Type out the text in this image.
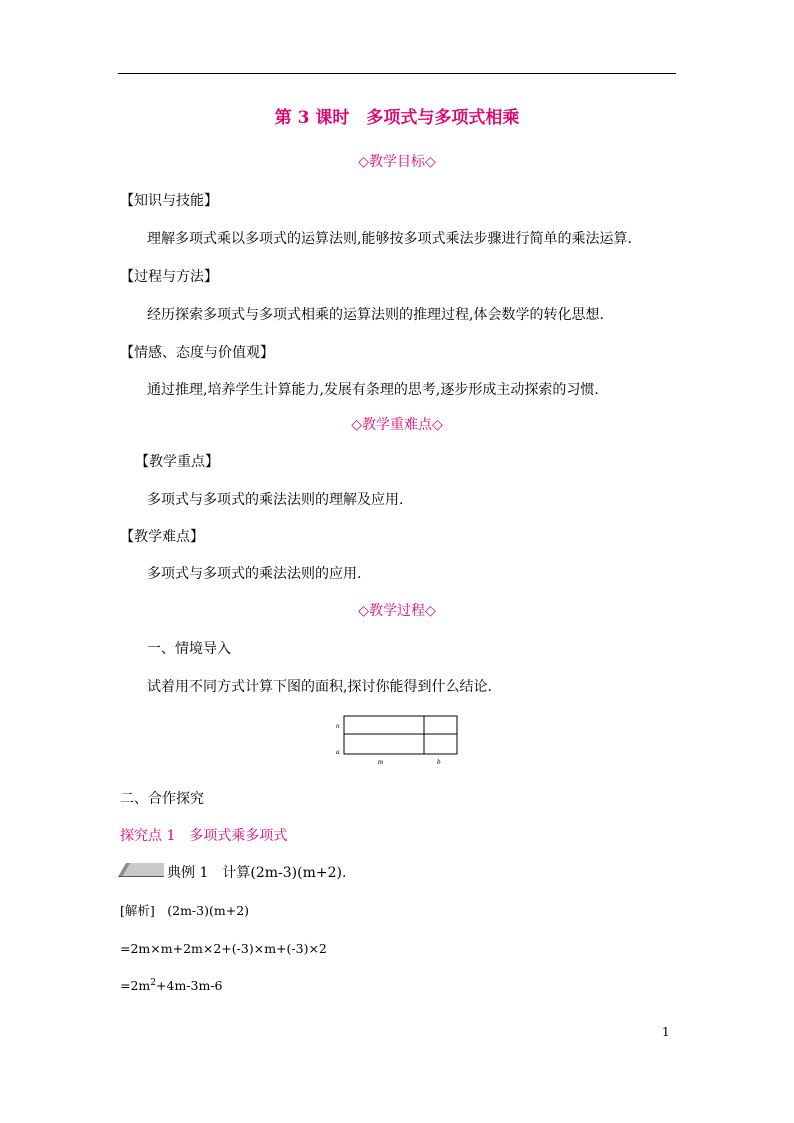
第 3 课时　多项式与多项式相乘
◇教学目标◇
【知识与技能】
理解多项式乘以多项式的运算法则,能够按多项式乘法步骤进行简单的乘法运算.
【过程与方法】
经历探索多项式与多项式相乘的运算法则的推理过程,体会数学的转化思想.
【情感、态度与价值观】
通过推理,培养学生计算能力,发展有条理的思考,逐步形成主动探索的习惯.
◇教学重难点◇
【教学重点】
多项式与多项式的乘法法则的理解及应用.
【教学难点】
多项式与多项式的乘法法则的应用.
◇教学过程◇
一、情境导入
试着用不同方式计算下图的面积,探讨你能得到什么结论.
n
a
m	b
二、合作探究
探究点 1　多项式乘多项式
典例 1　计算(2m-3)(m+2).
[解析]　(2m-3)(m+2)
=2m×m+2m×2+(-3)×m+(-3)×2
$=2m^2+4m-3m-6$
1
